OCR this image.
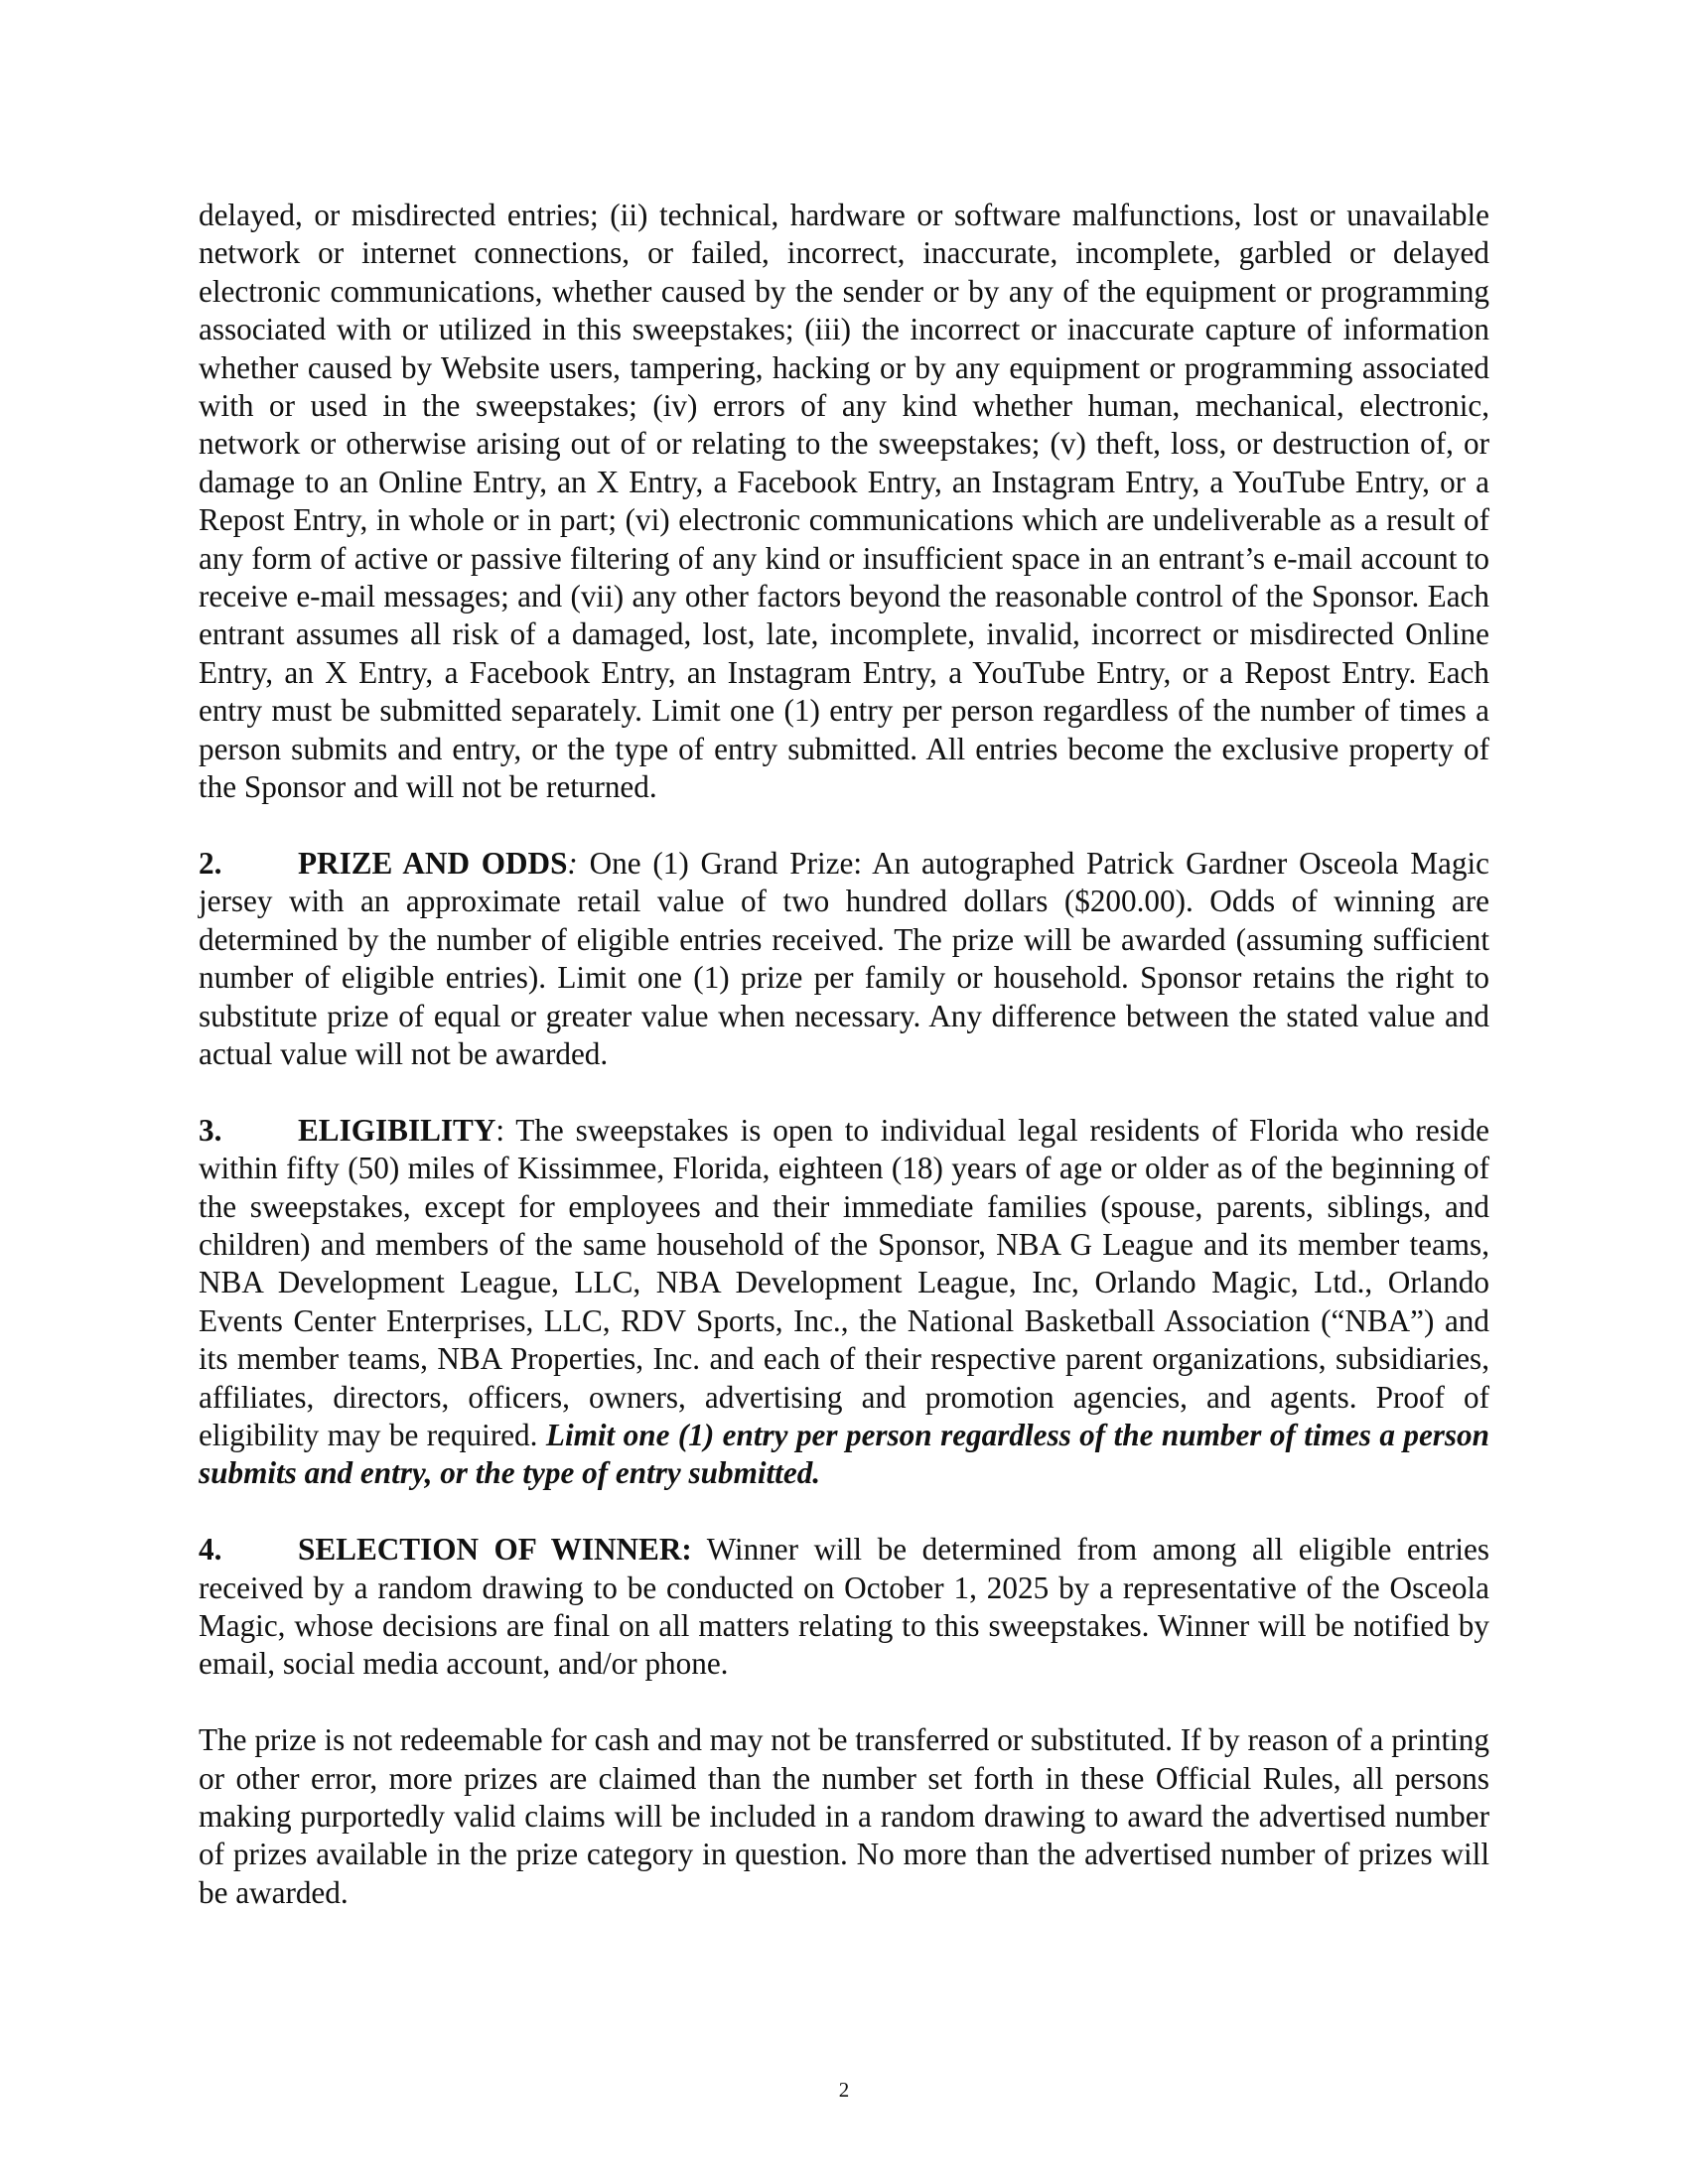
delayed, or misdirected entries; (ii) technical, hardware or software malfunctions, lost or unavailable network or internet connections, or failed, incorrect, inaccurate, incomplete, garbled or delayed electronic communications, whether caused by the sender or by any of the equipment or programming associated with or utilized in this sweepstakes; (iii) the incorrect or inaccurate capture of information whether caused by Website users, tampering, hacking or by any equipment or programming associated with or used in the sweepstakes; (iv) errors of any kind whether human, mechanical, electronic, network or otherwise arising out of or relating to the sweepstakes; (v) theft, loss, or destruction of, or damage to an Online Entry, an X Entry, a Facebook Entry, an Instagram Entry, a YouTube Entry, or a Repost Entry, in whole or in part; (vi) electronic communications which are undeliverable as a result of any form of active or passive filtering of any kind or insufficient space in an entrant’s e-mail account to receive e-mail messages; and (vii) any other factors beyond the reasonable control of the Sponsor. Each entrant assumes all risk of a damaged, lost, late, incomplete, invalid, incorrect or misdirected Online Entry, an X Entry, a Facebook Entry, an Instagram Entry, a YouTube Entry, or a Repost Entry. Each entry must be submitted separately. Limit one (1) entry per person regardless of the number of times a person submits and entry, or the type of entry submitted. All entries become the exclusive property of the Sponsor and will not be returned.

2. PRIZE AND ODDS: One (1) Grand Prize: An autographed Patrick Gardner Osceola Magic jersey with an approximate retail value of two hundred dollars ($200.00). Odds of winning are determined by the number of eligible entries received. The prize will be awarded (assuming sufficient number of eligible entries). Limit one (1) prize per family or household. Sponsor retains the right to substitute prize of equal or greater value when necessary. Any difference between the stated value and actual value will not be awarded.

3. ELIGIBILITY: The sweepstakes is open to individual legal residents of Florida who reside within fifty (50) miles of Kissimmee, Florida, eighteen (18) years of age or older as of the beginning of the sweepstakes, except for employees and their immediate families (spouse, parents, siblings, and children) and members of the same household of the Sponsor, NBA G League and its member teams, NBA Development League, LLC, NBA Development League, Inc, Orlando Magic, Ltd., Orlando Events Center Enterprises, LLC, RDV Sports, Inc., the National Basketball Association (“NBA”) and its member teams, NBA Properties, Inc. and each of their respective parent organizations, subsidiaries, affiliates, directors, officers, owners, advertising and promotion agencies, and agents. Proof of eligibility may be required. Limit one (1) entry per person regardless of the number of times a person submits and entry, or the type of entry submitted.

4. SELECTION OF WINNER: Winner will be determined from among all eligible entries received by a random drawing to be conducted on October 1, 2025 by a representative of the Osceola Magic, whose decisions are final on all matters relating to this sweepstakes. Winner will be notified by email, social media account, and/or phone.

The prize is not redeemable for cash and may not be transferred or substituted. If by reason of a printing or other error, more prizes are claimed than the number set forth in these Official Rules, all persons making purportedly valid claims will be included in a random drawing to award the advertised number of prizes available in the prize category in question. No more than the advertised number of prizes will be awarded.

2
